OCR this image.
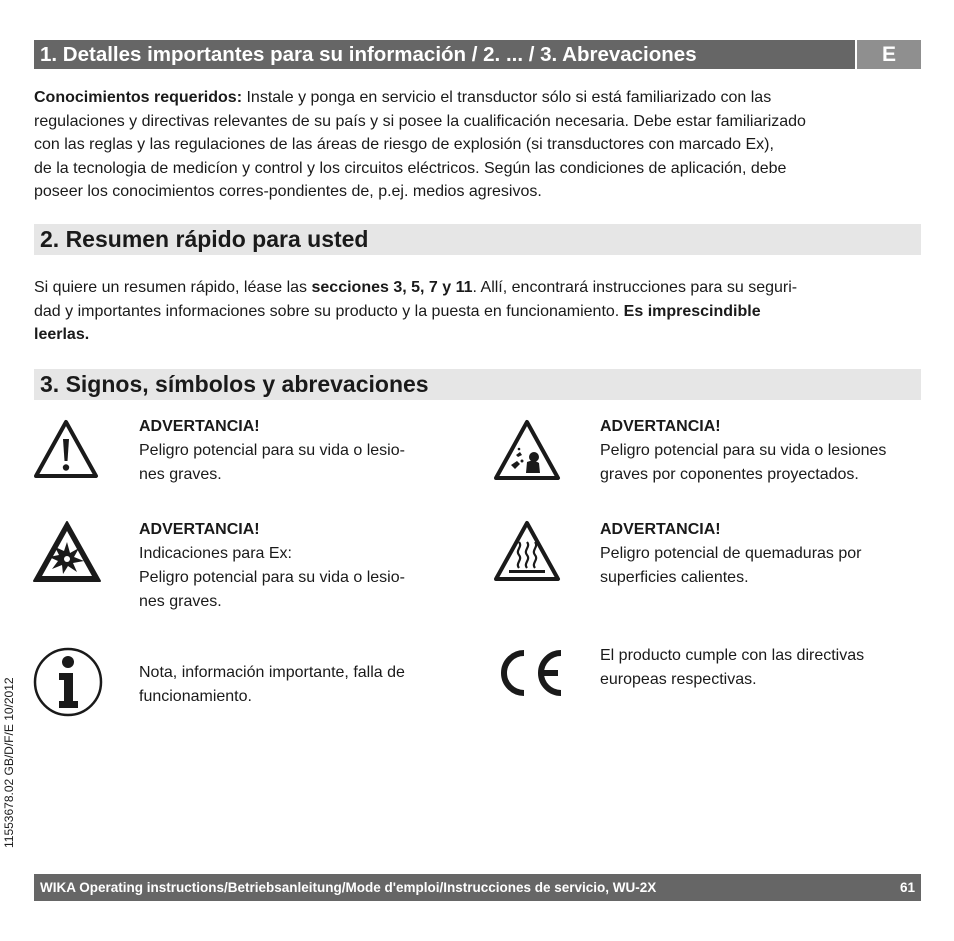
1. Detalles importantes para su información / 2. ... / 3. Abrevaciones	E

Conocimientos requeridos: Instale y ponga en servicio el transductor sólo si está familiarizado con las
regulaciones y directivas relevantes de su país y si posee la cualificación necesaria. Debe estar familiarizado
con las reglas y las regulaciones de las áreas de riesgo de explosión (si transductores con marcado Ex),
de la tecnologia de medicíon y control y los circuitos eléctricos. Según las condiciones de aplicación, debe
poseer los conocimientos corres-pondientes de, p.ej. medios agresivos.

2. Resumen rápido para usted

Si quiere un resumen rápido, léase las secciones 3, 5, 7 y 11. Allí, encontrará instrucciones para su seguri-
dad y importantes informaciones sobre su producto y la puesta en funcionamiento. Es imprescindible
leerlas.

3. Signos, símbolos y abrevaciones

ADVERTANCIA!
Peligro potencial para su vida o lesio-
nes graves.

ADVERTANCIA!
Peligro potencial para su vida o lesiones
graves por coponentes proyectados.

ADVERTANCIA!
Indicaciones para Ex:
Peligro potencial para su vida o lesio-
nes graves.

ADVERTANCIA!
Peligro potencial de quemaduras por
superficies calientes.

Nota, información importante, falla de
funcionamiento.

El producto cumple con las directivas
europeas respectivas.

11553678.02 GB/D/F/E 10/2012
WIKA Operating instructions/Betriebsanleitung/Mode d'emploi/Instrucciones de servicio, WU-2X	61
